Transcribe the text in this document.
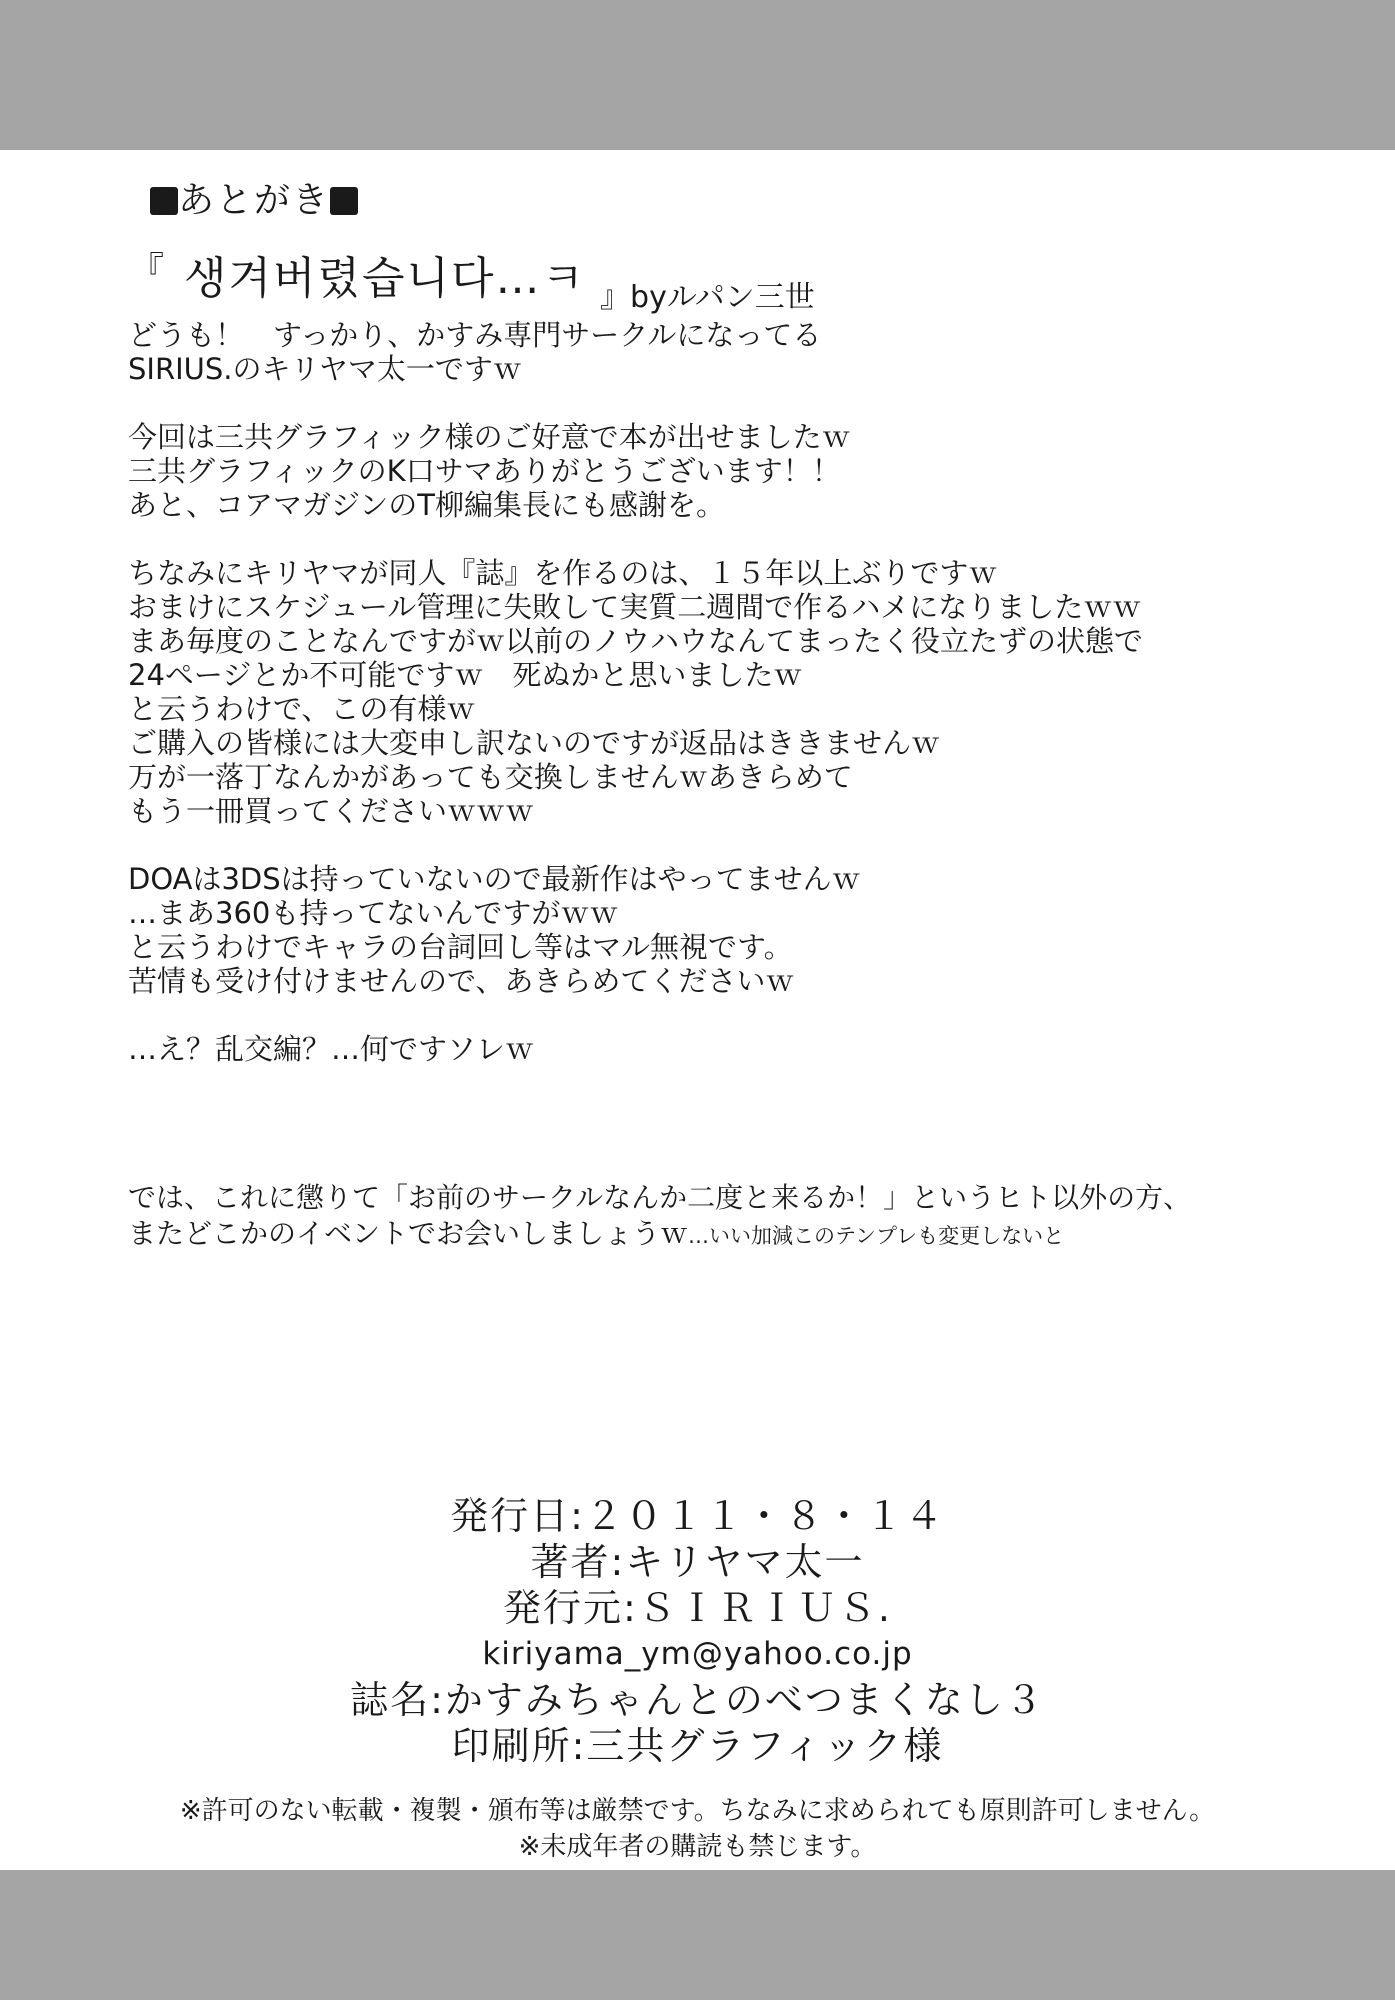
あとがき
『 생겨버렸습니다…ㅋ 』byルパン三世
どうも！　すっかり、かすみ専門サークルになってる
SIRIUS.のキリヤマ太一ですｗ
今回は三共グラフィック様のご好意で本が出せましたｗ
三共グラフィックのK口サマありがとうございます！！
あと、コアマガジンのT柳編集長にも感謝を。
ちなみにキリヤマが同人『誌』を作るのは、１５年以上ぶりですｗ
おまけにスケジュール管理に失敗して実質二週間で作るハメになりましたｗｗ
まあ毎度のことなんですがｗ以前のノウハウなんてまったく役立たずの状態で
24ページとか不可能ですｗ　死ぬかと思いましたｗ
と云うわけで、この有様ｗ
ご購入の皆様には大変申し訳ないのですが返品はききませんｗ
万が一落丁なんかがあっても交換しませんｗあきらめて
もう一冊買ってくださいｗｗｗ
DOAは3DSは持っていないので最新作はやってませんｗ
…まあ360も持ってないんですがｗｗ
と云うわけでキャラの台詞回し等はマル無視です。
苦情も受け付けませんので、あきらめてくださいｗ
…え？乱交編？…何ですソレｗ
では、これに懲りて「お前のサークルなんか二度と来るか！」というヒト以外の方、
またどこかのイベントでお会いしましょうｗ…いい加減このテンプレも変更しないと
発行日:２０１１・８・１４
著者:キリヤマ太一
発行元:ＳＩＲＩＵＳ.
kiriyama_ym@yahoo.co.jp
誌名:かすみちゃんとのべつまくなし３
印刷所:三共グラフィック様
※許可のない転載・複製・頒布等は厳禁です。ちなみに求められても原則許可しません。
※未成年者の購読も禁じます。
